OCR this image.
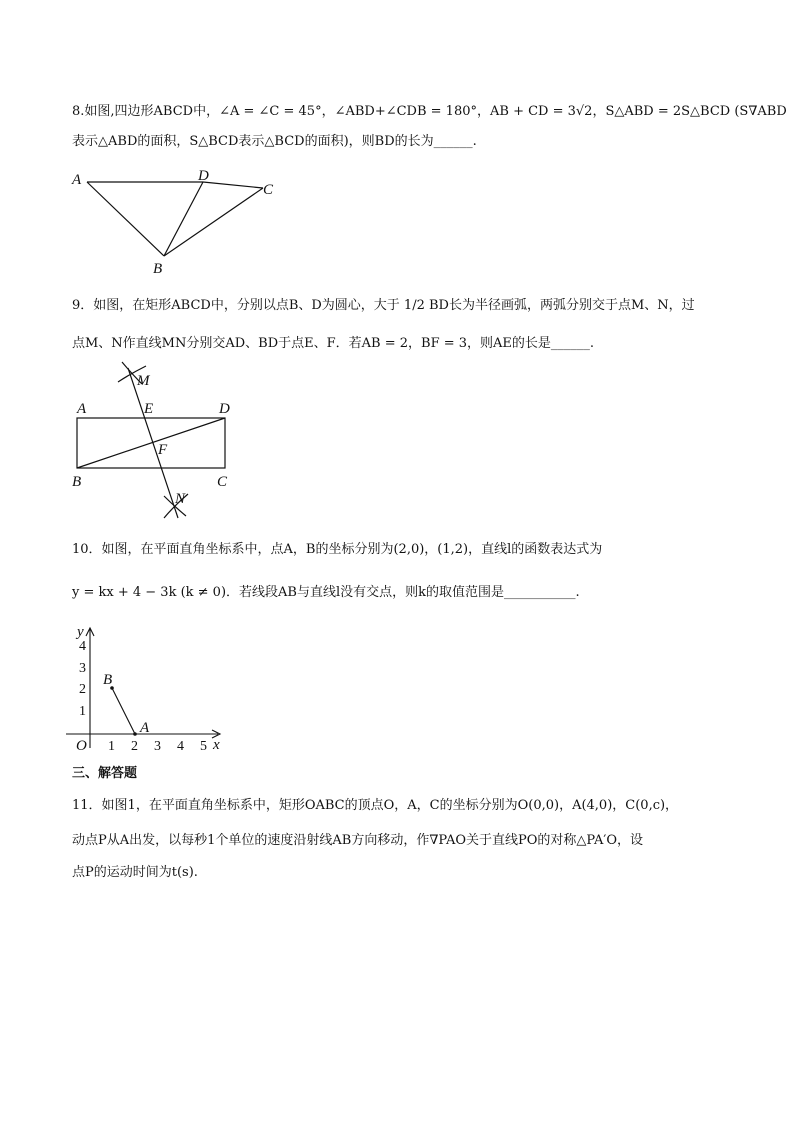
8.如图,四边形ABCD中，∠A = ∠C = 45°，∠ABD+∠CDB = 180°，AB + CD = 3√2，S△ABD = 2S△BCD (S∇ABD
表示△ABD的面积，S△BCD表示△BCD的面积)，则BD的长为______.
A	D
C
B
9．如图，在矩形ABCD中，分别以点B、D为圆心，大于 1/2 BD长为半径画弧，两弧分别交于点M、N，过
点M、N作直线MN分别交AD、BD于点E、F．若AB = 2，BF = 3，则AE的长是______.
A	E	D
F
B	C
M
N
10．如图，在平面直角坐标系中，点A，B的坐标分别为(2,0)，(1,2)，直线l的函数表达式为
y = kx + 4 − 3k (k ≠ 0)．若线段AB与直线l没有交点，则k的取值范围是___________.
y
x
O 1 2 3 4 5
1
2
3
4
B
A
三、解答题
11．如图1，在平面直角坐标系中，矩形OABC的顶点O，A，C的坐标分别为O(0,0)，A(4,0)，C(0,c)，
动点P从A出发，以每秒1个单位的速度沿射线AB方向移动，作∇PAO关于直线PO的对称△PA′O，设
点P的运动时间为t(s).
